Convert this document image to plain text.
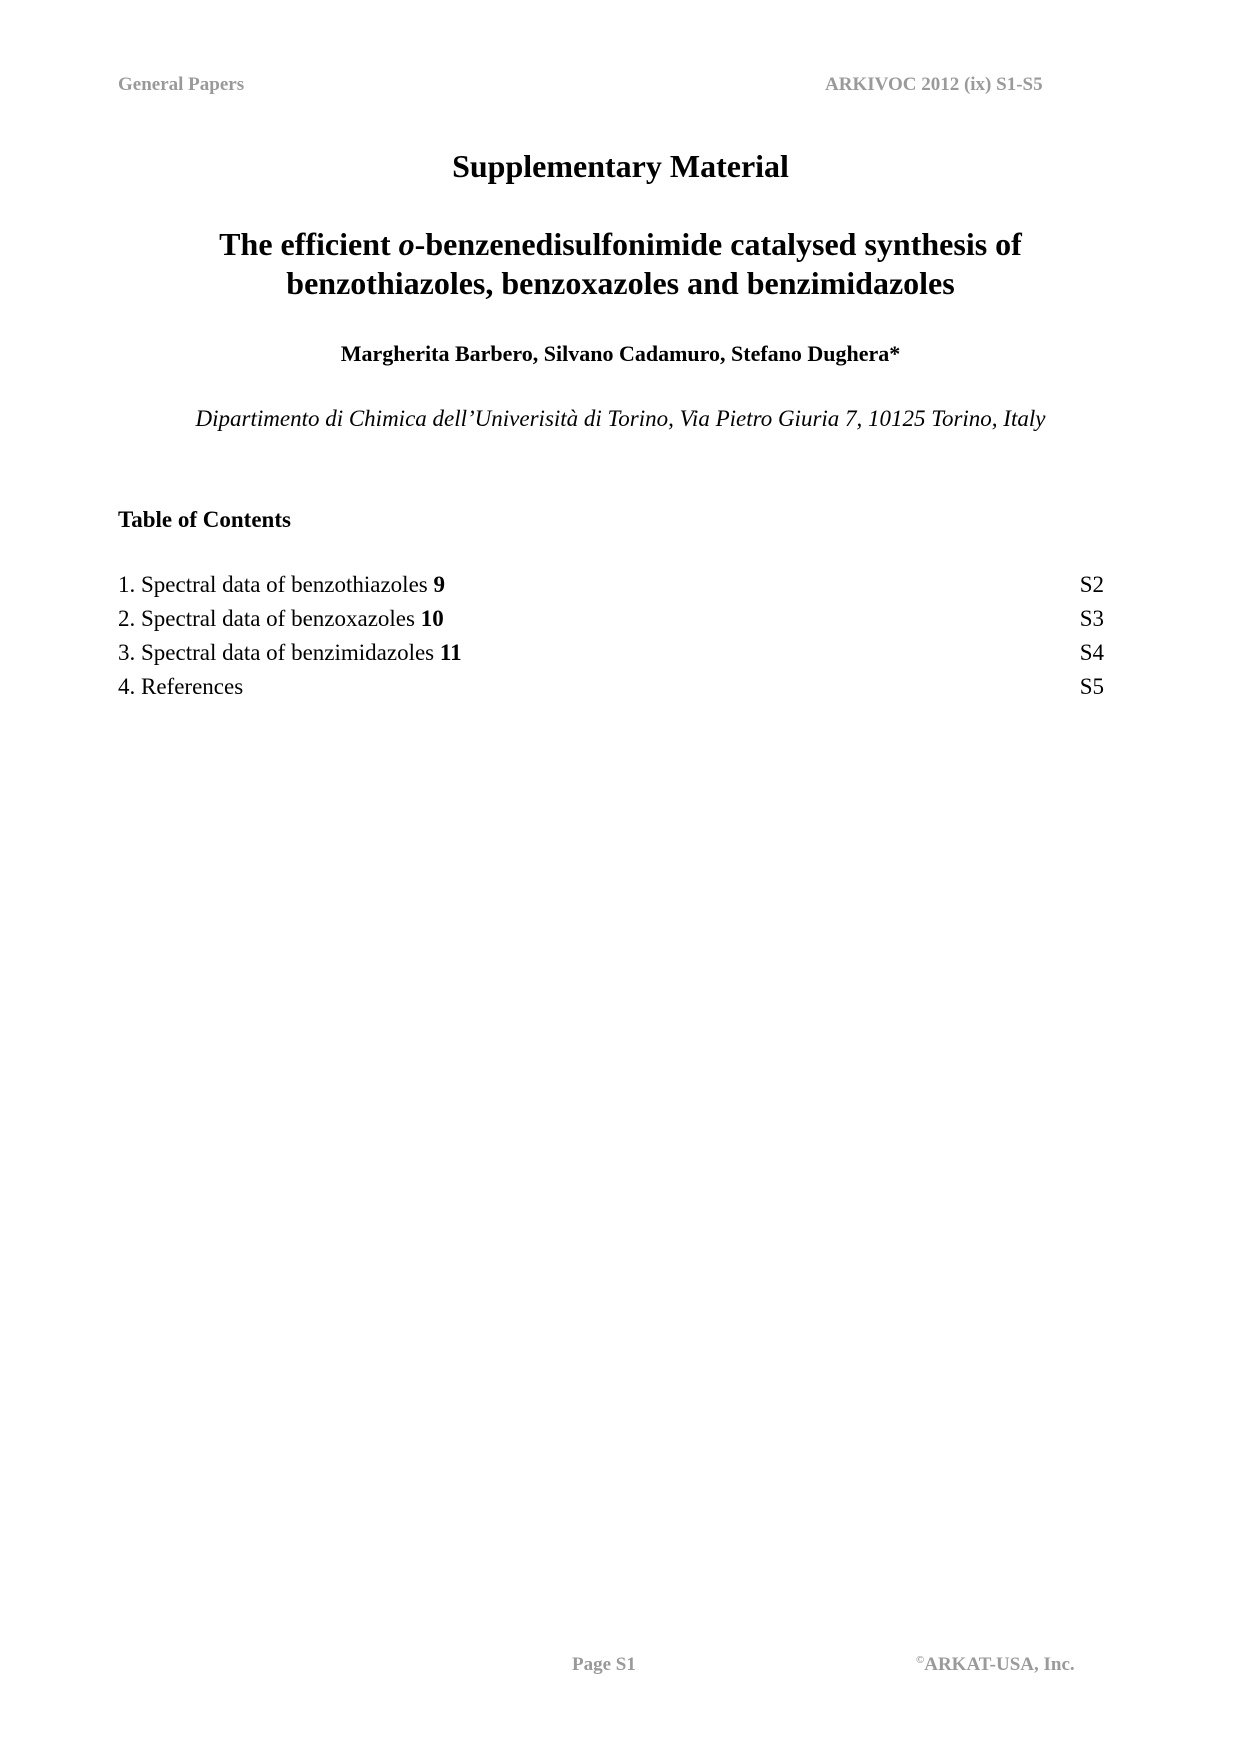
General Papers	ARKIVOC 2012 (ix) S1-S5
Supplementary Material
The efficient o-benzenedisulfonimide catalysed synthesis of
benzothiazoles, benzoxazoles and benzimidazoles
Margherita Barbero, Silvano Cadamuro, Stefano Dughera*
Dipartimento di Chimica dell’Univerisità di Torino, Via Pietro Giuria 7, 10125 Torino, Italy
Table of Contents
1. Spectral data of benzothiazoles 9	S2
2. Spectral data of benzoxazoles 10	S3
3. Spectral data of benzimidazoles 11	S4
4. References	S5
Page S1	©ARKAT-USA, Inc.
